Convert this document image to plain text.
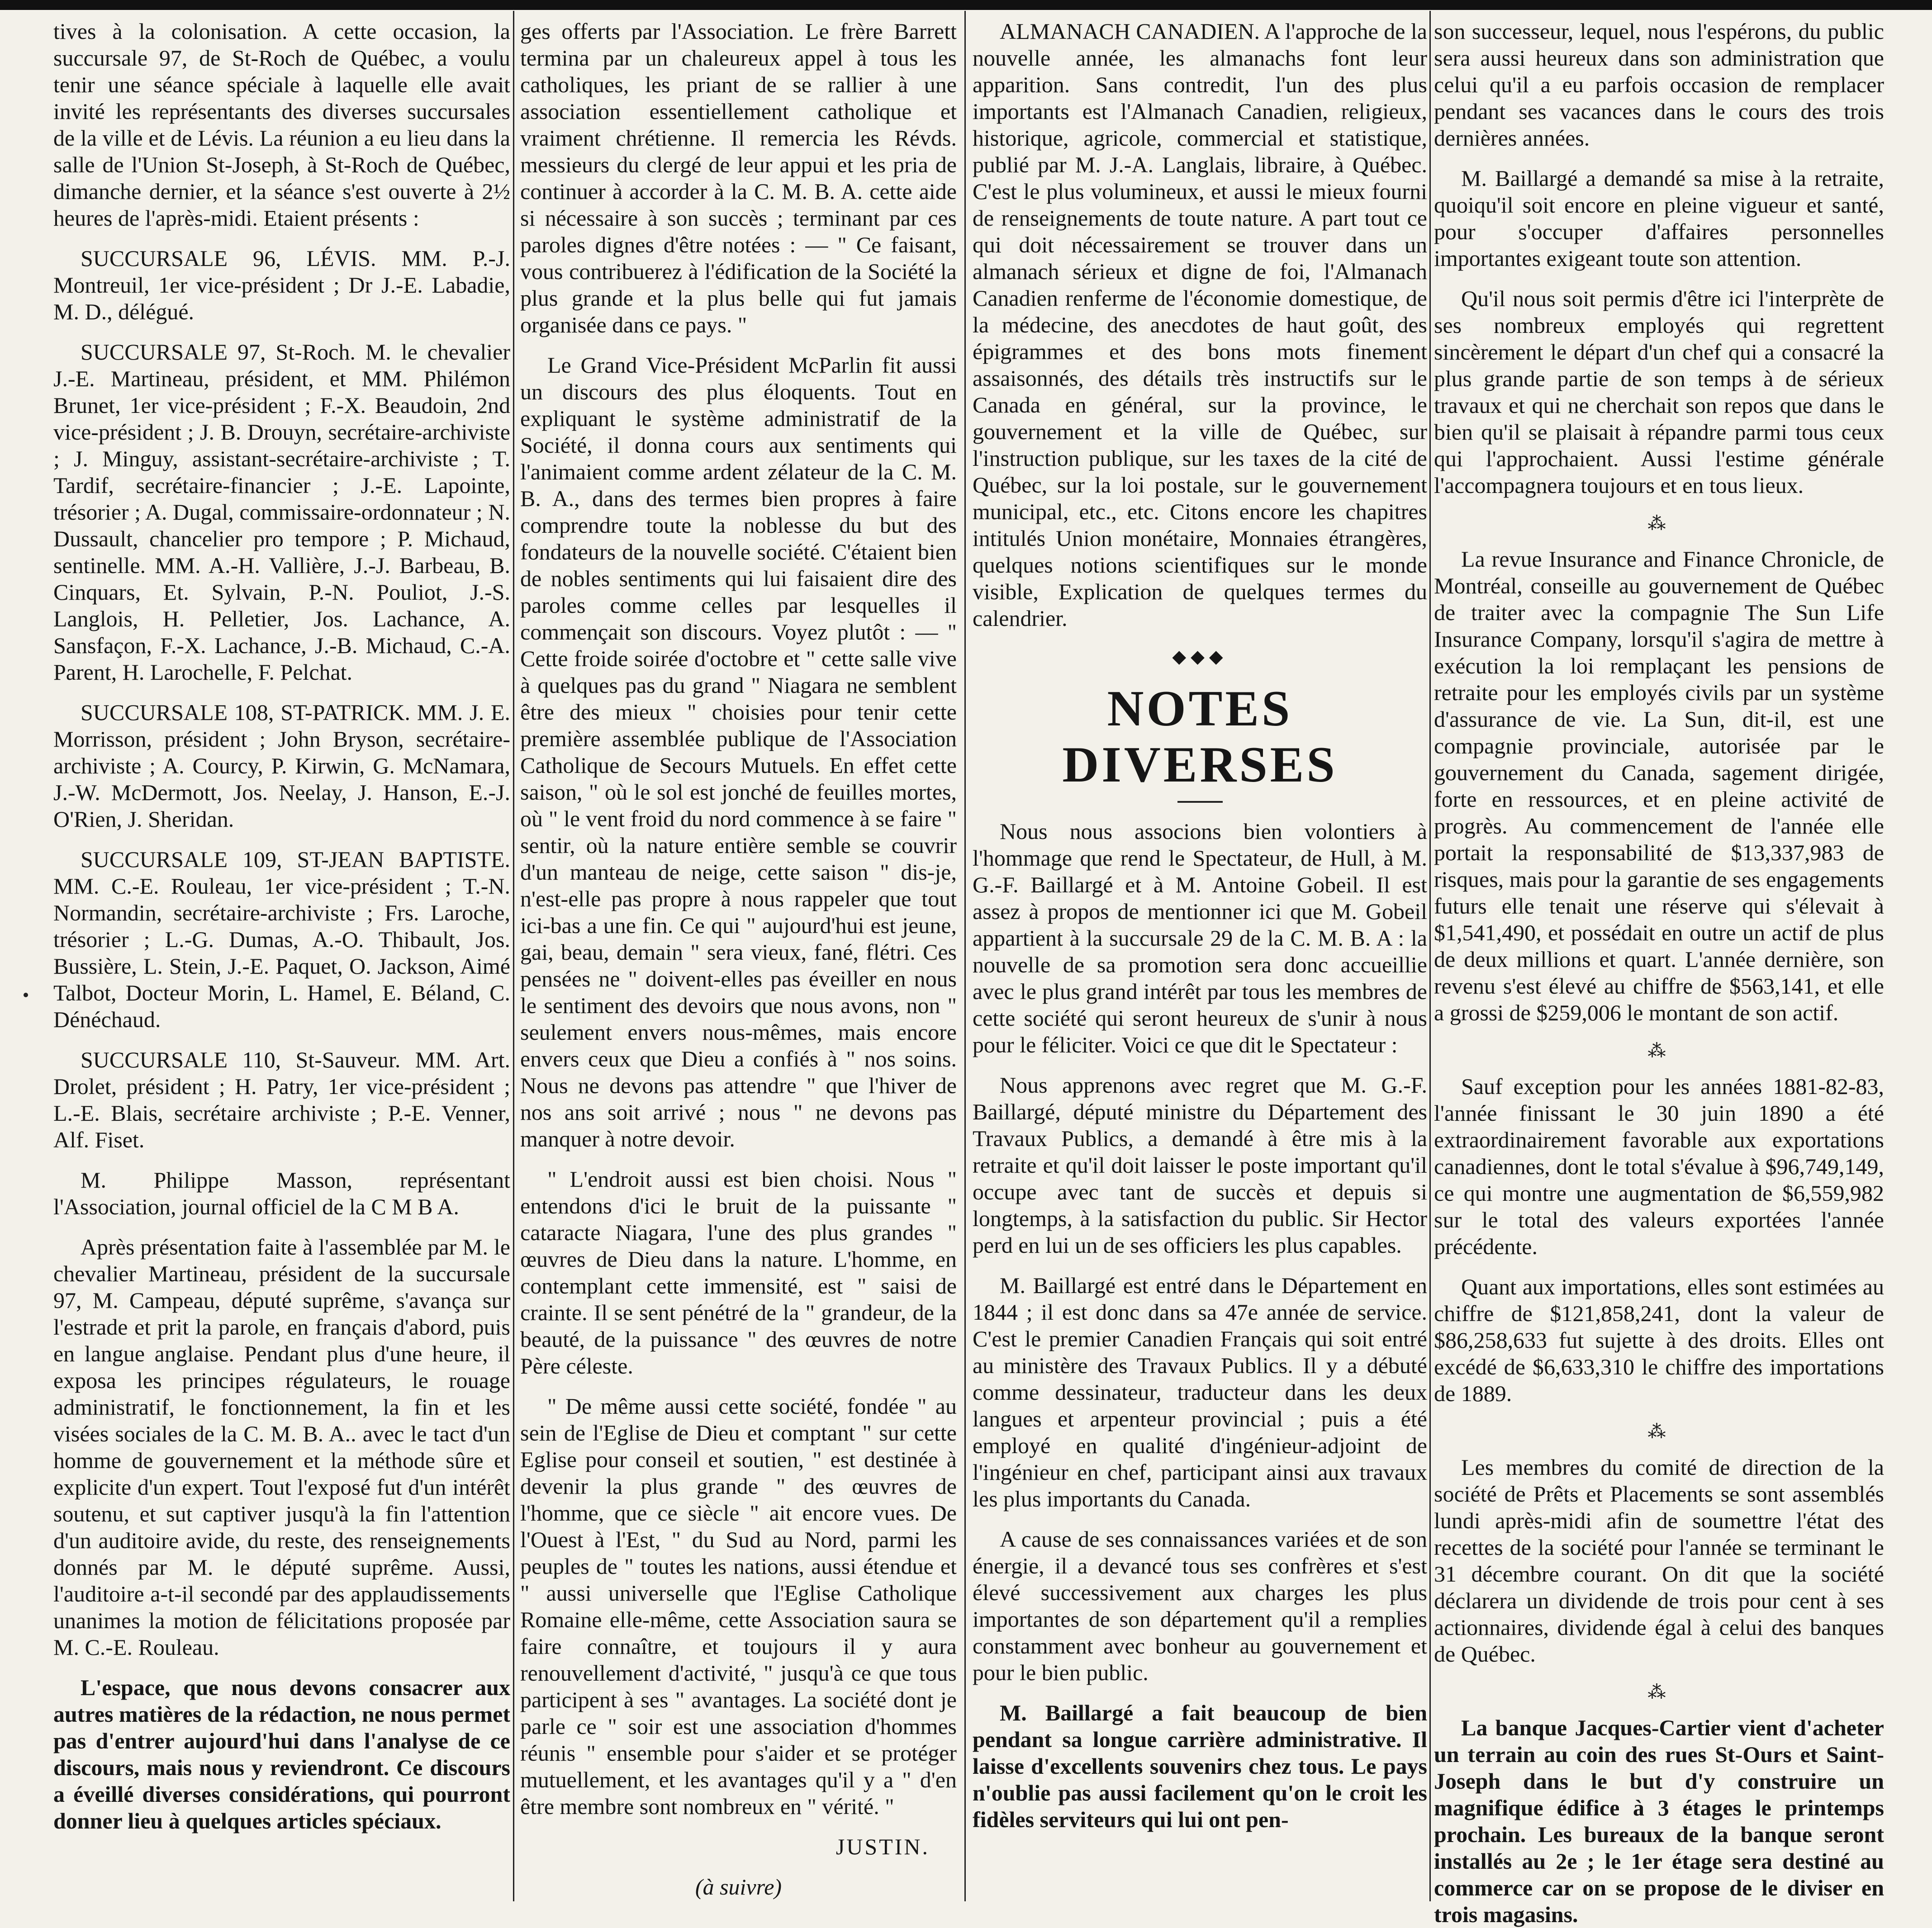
tives à la colonisation. A cette occasion, la succursale 97, de St-Roch de Québec, a voulu tenir une séance spéciale à laquelle elle avait invité les représentants des diverses succursales de la ville et de Lévis. La réunion a eu lieu dans la salle de l'Union St-Joseph, à St-Roch de Québec, dimanche dernier, et la séance s'est ouverte à 2½ heures de l'après-midi. Etaient présents :

SUCCURSALE 96, LÉVIS. MM. P.-J. Montreuil, 1er vice-président ; Dr J.-E. Labadie, M. D., délégué.

SUCCURSALE 97, St-Roch. M. le chevalier J.-E. Martineau, président, et MM. Philémon Brunet, 1er vice-président ; F.-X. Beaudoin, 2nd vice-président ; J. B. Drouyn, secrétaire-archiviste ; J. Minguy, assistant-secrétaire-archiviste ; T. Tardif, secrétaire-financier ; J.-E. Lapointe, trésorier ; A. Dugal, commissaire-ordonnateur ; N. Dussault, chancelier pro tempore ; P. Michaud, sentinelle. MM. A.-H. Vallière, J.-J. Barbeau, B. Cinquars, Et. Sylvain, P.-N. Pouliot, J.-S. Langlois, H. Pelletier, Jos. Lachance, A. Sansfaçon, F.-X. Lachance, J.-B. Michaud, C.-A. Parent, H. Larochelle, F. Pelchat.

SUCCURSALE 108, ST-PATRICK. MM. J. E. Morrisson, président ; John Bryson, secrétaire-archiviste ; A. Courcy, P. Kirwin, G. McNamara, J.-W. McDermott, Jos. Neelay, J. Hanson, E.-J. O'Rien, J. Sheridan.

SUCCURSALE 109, ST-JEAN BAPTISTE. MM. C.-E. Rouleau, 1er vice-président ; T.-N. Normandin, secrétaire-archiviste ; Frs. Laroche, trésorier ; L.-G. Dumas, A.-O. Thibault, Jos. Bussière, L. Stein, J.-E. Paquet, O. Jackson, Aimé Talbot, Docteur Morin, L. Hamel, E. Béland, C. Dénéchaud.

SUCCURSALE 110, St-Sauveur. MM. Art. Drolet, président ; H. Patry, 1er vice-président ; L.-E. Blais, secrétaire archiviste ; P.-E. Venner, Alf. Fiset.

M. Philippe Masson, représentant l'Association, journal officiel de la C M B A.

Après présentation faite à l'assemblée par M. le chevalier Martineau, président de la succursale 97, M. Campeau, député suprême, s'avança sur l'estrade et prit la parole, en français d'abord, puis en langue anglaise. Pendant plus d'une heure, il exposa les principes régulateurs, le rouage administratif, le fonctionnement, la fin et les visées sociales de la C. M. B. A.. avec le tact d'un homme de gouvernement et la méthode sûre et explicite d'un expert. Tout l'exposé fut d'un intérêt soutenu, et sut captiver jusqu'à la fin l'attention d'un auditoire avide, du reste, des renseignements donnés par M. le député suprême. Aussi, l'auditoire a-t-il secondé par des applaudissements unanimes la motion de félicitations proposée par M. C.-E. Rouleau.

L'espace, que nous devons consacrer aux autres matières de la rédaction, ne nous permet pas d'entrer aujourd'hui dans l'analyse de ce discours, mais nous y reviendront. Ce discours a éveillé diverses considérations, qui pourront donner lieu à quelques articles spéciaux.

ges offerts par l'Association. Le frère Barrett termina par un chaleureux appel à tous les catholiques, les priant de se rallier à une association essentiellement catholique et vraiment chrétienne. Il remercia les Révds. messieurs du clergé de leur appui et les pria de continuer à accorder à la C. M. B. A. cette aide si nécessaire à son succès ; terminant par ces paroles dignes d'être notées : — " Ce faisant, vous contribuerez à l'édification de la Société la plus grande et la plus belle qui fut jamais organisée dans ce pays. "

Le Grand Vice-Président McParlin fit aussi un discours des plus éloquents. Tout en expliquant le système administratif de la Société, il donna cours aux sentiments qui l'animaient comme ardent zélateur de la C. M. B. A., dans des termes bien propres à faire comprendre toute la noblesse du but des fondateurs de la nouvelle société. C'étaient bien de nobles sentiments qui lui faisaient dire des paroles comme celles par lesquelles il commençait son discours. Voyez plutôt : — " Cette froide soirée d'octobre et " cette salle vive à quelques pas du grand " Niagara ne semblent être des mieux " choisies pour tenir cette première assemblée publique de l'Association Catholique de Secours Mutuels. En effet cette saison, " où le sol est jonché de feuilles mortes, où " le vent froid du nord commence à se faire " sentir, où la nature entière semble se couvrir d'un manteau de neige, cette saison " dis-je, n'est-elle pas propre à nous rappeler que tout ici-bas a une fin. Ce qui " aujourd'hui est jeune, gai, beau, demain " sera vieux, fané, flétri. Ces pensées ne " doivent-elles pas éveiller en nous le sentiment des devoirs que nous avons, non " seulement envers nous-mêmes, mais encore envers ceux que Dieu a confiés à " nos soins. Nous ne devons pas attendre " que l'hiver de nos ans soit arrivé ; nous " ne devons pas manquer à notre devoir.

" L'endroit aussi est bien choisi. Nous " entendons d'ici le bruit de la puissante " cataracte Niagara, l'une des plus grandes " œuvres de Dieu dans la nature. L'homme, en contemplant cette immensité, est " saisi de crainte. Il se sent pénétré de la " grandeur, de la beauté, de la puissance " des œuvres de notre Père céleste.

" De même aussi cette société, fondée " au sein de l'Eglise de Dieu et comptant " sur cette Eglise pour conseil et soutien, " est destinée à devenir la plus grande " des œuvres de l'homme, que ce siècle " ait encore vues. De l'Ouest à l'Est, " du Sud au Nord, parmi les peuples de " toutes les nations, aussi étendue et " aussi universelle que l'Eglise Catholique Romaine elle-même, cette Association saura se faire connaître, et toujours il y aura renouvellement d'activité, " jusqu'à ce que tous participent à ses " avantages. La société dont je parle ce " soir est une association d'hommes réunis " ensemble pour s'aider et se protéger mutuellement, et les avantages qu'il y a " d'en être membre sont nombreux en " vérité. "

JUSTIN.

(à suivre)

ALMANACH CANADIEN. A l'approche de la nouvelle année, les almanachs font leur apparition. Sans contredit, l'un des plus importants est l'Almanach Canadien, religieux, historique, agricole, commercial et statistique, publié par M. J.-A. Langlais, libraire, à Québec. C'est le plus volumineux, et aussi le mieux fourni de renseignements de toute nature. A part tout ce qui doit nécessairement se trouver dans un almanach sérieux et digne de foi, l'Almanach Canadien renferme de l'économie domestique, de la médecine, des anecdotes de haut goût, des épigrammes et des bons mots finement assaisonnés, des détails très instructifs sur le Canada en général, sur la province, le gouvernement et la ville de Québec, sur l'instruction publique, sur les taxes de la cité de Québec, sur la loi postale, sur le gouvernement municipal, etc., etc. Citons encore les chapitres intitulés Union monétaire, Monnaies étrangères, quelques notions scientifiques sur le monde visible, Explication de quelques termes du calendrier.

◆◆◆
NOTES DIVERSES

Nous nous associons bien volontiers à l'hommage que rend le Spectateur, de Hull, à M. G.-F. Baillargé et à M. Antoine Gobeil. Il est assez à propos de mentionner ici que M. Gobeil appartient à la succursale 29 de la C. M. B. A : la nouvelle de sa promotion sera donc accueillie avec le plus grand intérêt par tous les membres de cette société qui seront heureux de s'unir à nous pour le féliciter. Voici ce que dit le Spectateur :

Nous apprenons avec regret que M. G.-F. Baillargé, député ministre du Département des Travaux Publics, a demandé à être mis à la retraite et qu'il doit laisser le poste important qu'il occupe avec tant de succès et depuis si longtemps, à la satisfaction du public. Sir Hector perd en lui un de ses officiers les plus capables.

M. Baillargé est entré dans le Département en 1844 ; il est donc dans sa 47e année de service. C'est le premier Canadien Français qui soit entré au ministère des Travaux Publics. Il y a débuté comme dessinateur, traducteur dans les deux langues et arpenteur provincial ; puis a été employé en qualité d'ingénieur-adjoint de l'ingénieur en chef, participant ainsi aux travaux les plus importants du Canada.

A cause de ses connaissances variées et de son énergie, il a devancé tous ses confrères et s'est élevé successivement aux charges les plus importantes de son département qu'il a remplies constamment avec bonheur au gouvernement et pour le bien public.

M. Baillargé a fait beaucoup de bien pendant sa longue carrière administrative. Il laisse d'excellents souvenirs chez tous. Le pays n'oublie pas aussi facilement qu'on le croit les fidèles serviteurs qui lui ont pen-

son successeur, lequel, nous l'espérons, du public sera aussi heureux dans son administration que celui qu'il a eu parfois occasion de remplacer pendant ses vacances dans le cours des trois dernières années.

M. Baillargé a demandé sa mise à la retraite, quoiqu'il soit encore en pleine vigueur et santé, pour s'occuper d'affaires personnelles importantes exigeant toute son attention.

Qu'il nous soit permis d'être ici l'interprète de ses nombreux employés qui regrettent sincèrement le départ d'un chef qui a consacré la plus grande partie de son temps à de sérieux travaux et qui ne cherchait son repos que dans le bien qu'il se plaisait à répandre parmi tous ceux qui l'approchaient. Aussi l'estime générale l'accompagnera toujours et en tous lieux.

⁂

La revue Insurance and Finance Chronicle, de Montréal, conseille au gouvernement de Québec de traiter avec la compagnie The Sun Life Insurance Company, lorsqu'il s'agira de mettre à exécution la loi remplaçant les pensions de retraite pour les employés civils par un système d'assurance de vie. La Sun, dit-il, est une compagnie provinciale, autorisée par le gouvernement du Canada, sagement dirigée, forte en ressources, et en pleine activité de progrès. Au commencement de l'année elle portait la responsabilité de $13,337,983 de risques, mais pour la garantie de ses engagements futurs elle tenait une réserve qui s'élevait à $1,541,490, et possédait en outre un actif de plus de deux millions et quart. L'année dernière, son revenu s'est élevé au chiffre de $563,141, et elle a grossi de $259,006 le montant de son actif.

⁂

Sauf exception pour les années 1881-82-83, l'année finissant le 30 juin 1890 a été extraordinairement favorable aux exportations canadiennes, dont le total s'évalue à $96,749,149, ce qui montre une augmentation de $6,559,982 sur le total des valeurs exportées l'année précédente.

Quant aux importations, elles sont estimées au chiffre de $121,858,241, dont la valeur de $86,258,633 fut sujette à des droits. Elles ont excédé de $6,633,310 le chiffre des importations de 1889.

⁂

Les membres du comité de direction de la société de Prêts et Placements se sont assemblés lundi après-midi afin de soumettre l'état des recettes de la société pour l'année se terminant le 31 décembre courant. On dit que la société déclarera un dividende de trois pour cent à ses actionnaires, dividende égal à celui des banques de Québec.

⁂

La banque Jacques-Cartier vient d'acheter un terrain au coin des rues St-Ours et Saint-Joseph dans le but d'y construire un magnifique édifice à 3 étages le printemps prochain. Les bureaux de la banque seront installés au 2e ; le 1er étage sera destiné au commerce car on se propose de le diviser en trois magasins.
